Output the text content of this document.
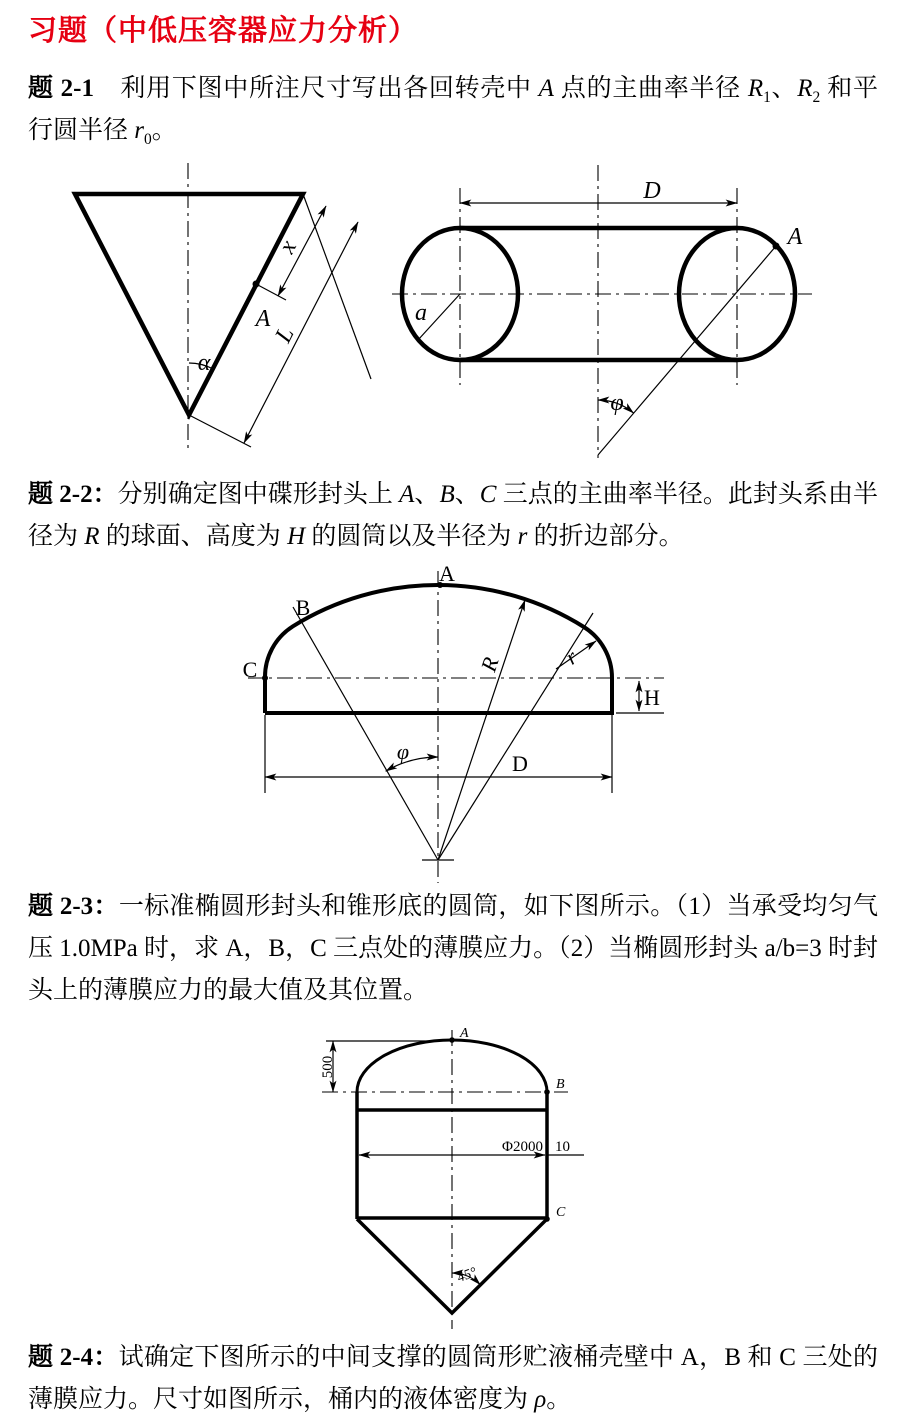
习题（中低压容器应力分析）

题 2-1　利用下图中所注尺寸写出各回转壳中 A 点的主曲率半径 $R_1$、$R_2$ 和平行圆半径 $r_0$。

x
L
A
α
D
A
a
φ

题 2-2：分别确定图中碟形封头上 A、B、C 三点的主曲率半径。此封头系由半径为 R 的球面、高度为 H 的圆筒以及半径为 r 的折边部分。

A
B
C	R	r
H
φ	D

题 2-3：一标准椭圆形封头和锥形底的圆筒，如下图所示。（1）当承受均匀气压 1.0MPa 时，求 A，B，C 三点处的薄膜应力。（2）当椭圆形封头 a/b=3 时封头上的薄膜应力的最大值及其位置。

A
B
C
500
Φ2000 10
45°

题 2-4：试确定下图所示的中间支撑的圆筒形贮液桶壳壁中 A，B 和 C 三处的薄膜应力。尺寸如图所示，桶内的液体密度为 ρ。
